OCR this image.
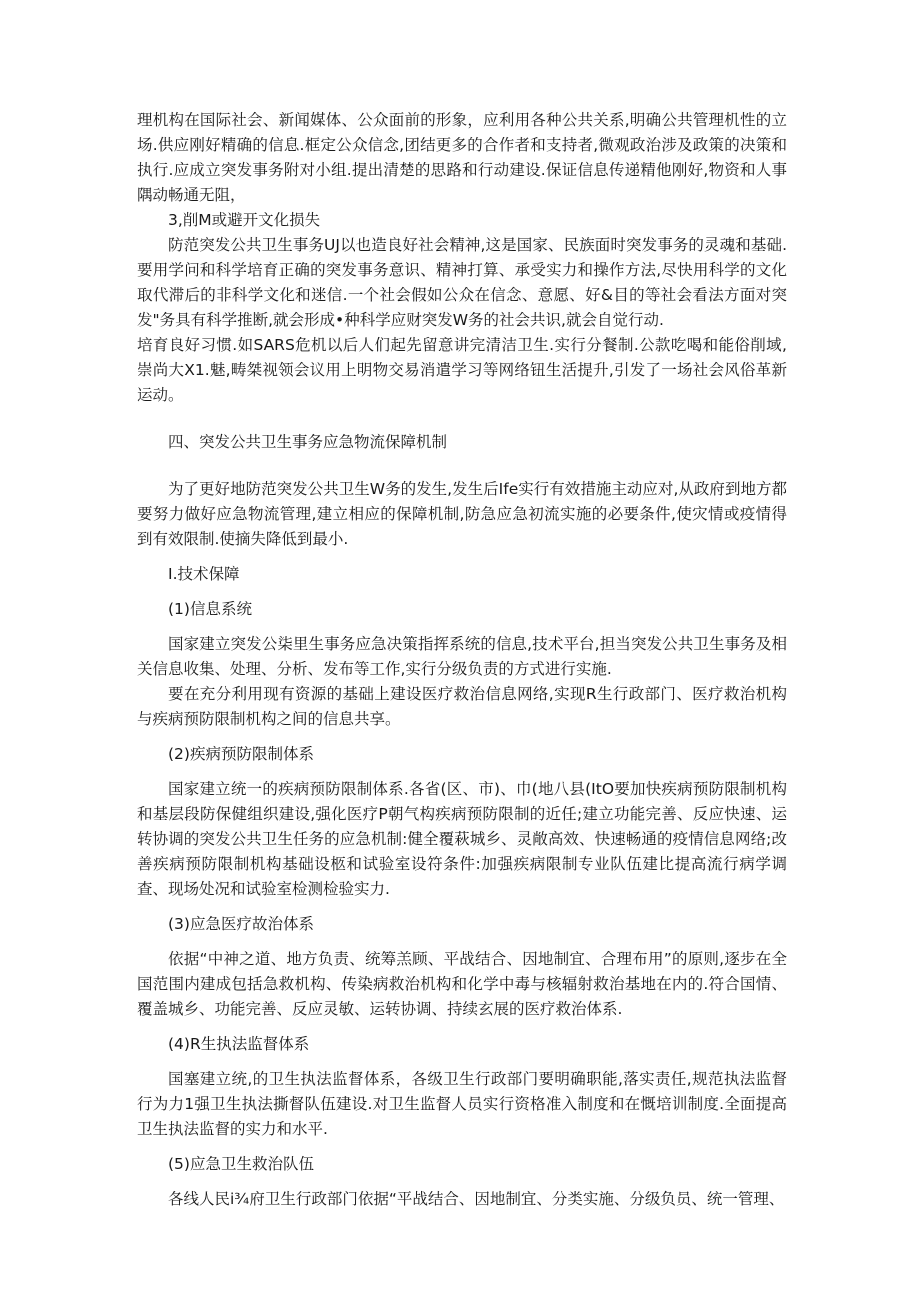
理机构在国际社会、新闻媒体、公众面前的形象，应利用各种公共关系,明确公共管理机性的立场.供应刚好精确的信息.框定公众信念,团结更多的合作者和支持者,微观政治涉及政策的决策和执行.应成立突发事务附对小组.提出清楚的思路和行动建设.保证信息传递精他刚好,物资和人事隅动畅通无阻，

3,削M或避开文化损失

防范突发公共卫生事务UJ以也造良好社会精神,这是国家、民族面时突发事务的灵魂和基础.要用学问和科学培育正确的突发事务意识、精神打算、承受实力和操作方法,尽快用科学的文化取代滞后的非科学文化和迷信.一个社会假如公众在信念、意愿、好&目的等社会看法方面对突发"务具有科学推断,就会形成•种科学应财突发W务的社会共识,就会自觉行动.

培育良好习惯.如SARS危机以后人们起先留意讲完清洁卫生.实行分餐制.公款吃喝和能俗削域,崇尚大X1.魅,畴桀视领会议用上明物交易消遣学习等网络钮生活提升,引发了一场社会风俗革新运动。

四、突发公共卫生事务应急物流保障机制

为了更好地防范突发公共卫生W务的发生,发生后Ife实行有效措施主动应对,从政府到地方都要努力做好应急物流管理,建立相应的保障机制,防急应急初流实施的必要条件,使灾情或疫情得到有效限制.使摘失降低到最小.

I.技术保障

(1)信息系统

国家建立突发公柒里生事务应急决策指挥系统的信息,技术平台,担当突发公共卫生事务及相关信息收集、处理、分析、发布等工作,实行分级负责的方式进行实施.

要在充分利用现有资源的基础上建设医疗救治信息网络,实现R生行政部门、医疗救治机构与疾病预防限制机构之间的信息共享。

(2)疾病预防限制体系

国家建立统一的疾病预防限制体系.各省(区、市)、巾(地八县(ItO要加快疾病预防限制机构和基层段防保健组织建设,强化医疗P朝气构疾病预防限制的近任;建立功能完善、反应快速、运转协调的突发公共卫生任务的应急机制:健全覆萩城乡、灵敞高效、快速畅通的疫情信息网络;改善疾病预防限制机构基础设柩和试验室设符条件:加强疾病限制专业队伍建比提高流行病学调查、现场处况和试验室检测检验实力.

(3)应急医疗故治体系

依据“中神之道、地方负责、统筹羔顾、平战结合、因地制宜、合理布用”的原则,逐步在全国范围内建成包括急救机构、传染病救治机构和化学中毒与核辐射救治基地在内的.符合国情、覆盖城乡、功能完善、反应灵敏、运转协调、持续玄展的医疗救治体系.

(4)R生执法监督体系

国塞建立统,的卫生执法监督体系，各级卫生行政部门要明确职能,落实责任,规范执法监督行为力1强卫生执法撕督队伍建设.对卫生监督人员实行资格准入制度和在慨培训制度.全面提高卫生执法监督的实力和水平.

(5)应急卫生救治队伍

各线人民i¾府卫生行政部门依据“平战结合、因地制宜、分类实施、分级负员、统一管理、
